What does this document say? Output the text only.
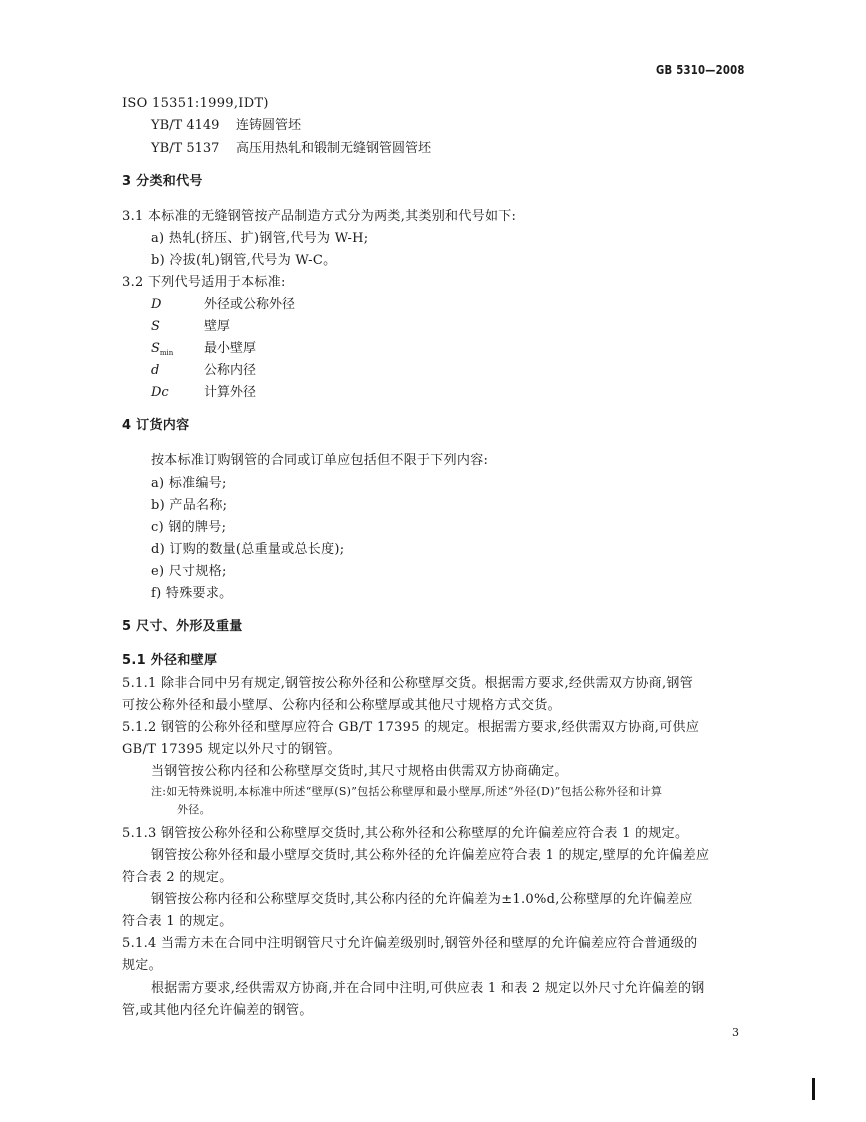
GB 5310—2008
ISO 15351:1999,IDT)
YB/T 4149 连铸圆管坯
YB/T 5137 高压用热轧和锻制无缝钢管圆管坯
3 分类和代号
3.1 本标准的无缝钢管按产品制造方式分为两类,其类别和代号如下:
a) 热轧(挤压、扩)钢管,代号为 W-H;
b) 冷拔(轧)钢管,代号为 W-C。
3.2 下列代号适用于本标准:
D	外径或公称外径
S	壁厚
$S_{min}$ 最小壁厚
d	公称内径
Dc	计算外径
4 订货内容
按本标准订购钢管的合同或订单应包括但不限于下列内容:
a) 标准编号;
b) 产品名称;
c) 钢的牌号;
d) 订购的数量(总重量或总长度);
e) 尺寸规格;
f) 特殊要求。
5 尺寸、外形及重量
5.1 外径和壁厚
5.1.1 除非合同中另有规定,钢管按公称外径和公称壁厚交货。根据需方要求,经供需双方协商,钢管
可按公称外径和最小壁厚、公称内径和公称壁厚或其他尺寸规格方式交货。
5.1.2 钢管的公称外径和壁厚应符合 GB/T 17395 的规定。根据需方要求,经供需双方协商,可供应
GB/T 17395 规定以外尺寸的钢管。
当钢管按公称内径和公称壁厚交货时,其尺寸规格由供需双方协商确定。
注:如无特殊说明,本标准中所述“壁厚(S)”包括公称壁厚和最小壁厚,所述“外径(D)”包括公称外径和计算
外径。
5.1.3 钢管按公称外径和公称壁厚交货时,其公称外径和公称壁厚的允许偏差应符合表 1 的规定。
钢管按公称外径和最小壁厚交货时,其公称外径的允许偏差应符合表 1 的规定,壁厚的允许偏差应
符合表 2 的规定。
钢管按公称内径和公称壁厚交货时,其公称内径的允许偏差为±1.0%d,公称壁厚的允许偏差应
符合表 1 的规定。
5.1.4 当需方未在合同中注明钢管尺寸允许偏差级别时,钢管外径和壁厚的允许偏差应符合普通级的
规定。
根据需方要求,经供需双方协商,并在合同中注明,可供应表 1 和表 2 规定以外尺寸允许偏差的钢
管,或其他内径允许偏差的钢管。
3
